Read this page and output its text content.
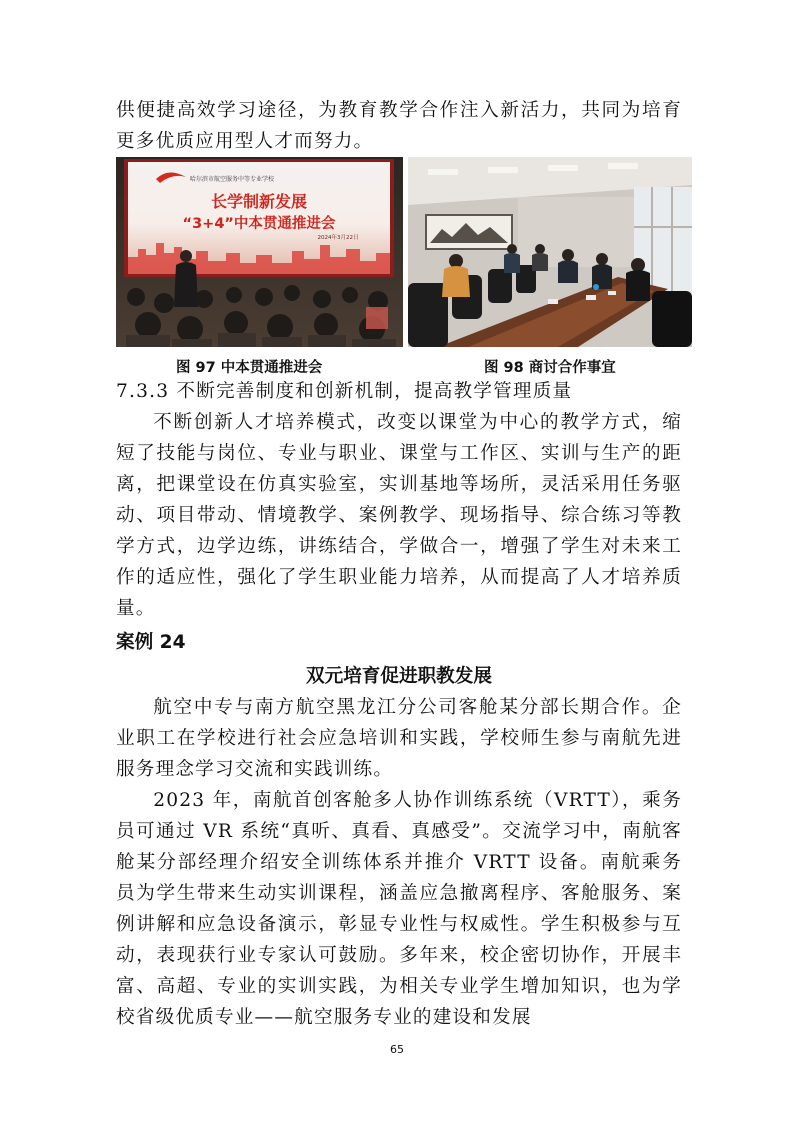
供便捷高效学习途径，为教育教学合作注入新活力，共同为培育更多优质应用型人才而努力。

哈尔滨市航空服务中等专业学校
长学制新发展
“3+4”中本贯通推进会
2024年3月22日
图 97 中本贯通推进会	图 98 商讨合作事宜

7.3.3 不断完善制度和创新机制，提高教学管理质量

不断创新人才培养模式，改变以课堂为中心的教学方式，缩短了技能与岗位、专业与职业、课堂与工作区、实训与生产的距离，把课堂设在仿真实验室，实训基地等场所，灵活采用任务驱动、项目带动、情境教学、案例教学、现场指导、综合练习等教学方式，边学边练，讲练结合，学做合一，增强了学生对未来工作的适应性，强化了学生职业能力培养，从而提高了人才培养质量。

案例 24

双元培育促进职教发展

航空中专与南方航空黑龙江分公司客舱某分部长期合作。企业职工在学校进行社会应急培训和实践，学校师生参与南航先进服务理念学习交流和实践训练。

2023 年，南航首创客舱多人协作训练系统（VRTT），乘务员可通过 VR 系统“真听、真看、真感受”。交流学习中，南航客舱某分部经理介绍安全训练体系并推介 VRTT 设备。南航乘务员为学生带来生动实训课程，涵盖应急撤离程序、客舱服务、案例讲解和应急设备演示，彰显专业性与权威性。学生积极参与互动，表现获行业专家认可鼓励。多年来，校企密切协作，开展丰富、高超、专业的实训实践，为相关专业学生增加知识，也为学校省级优质专业——航空服务专业的建设和发展

65
